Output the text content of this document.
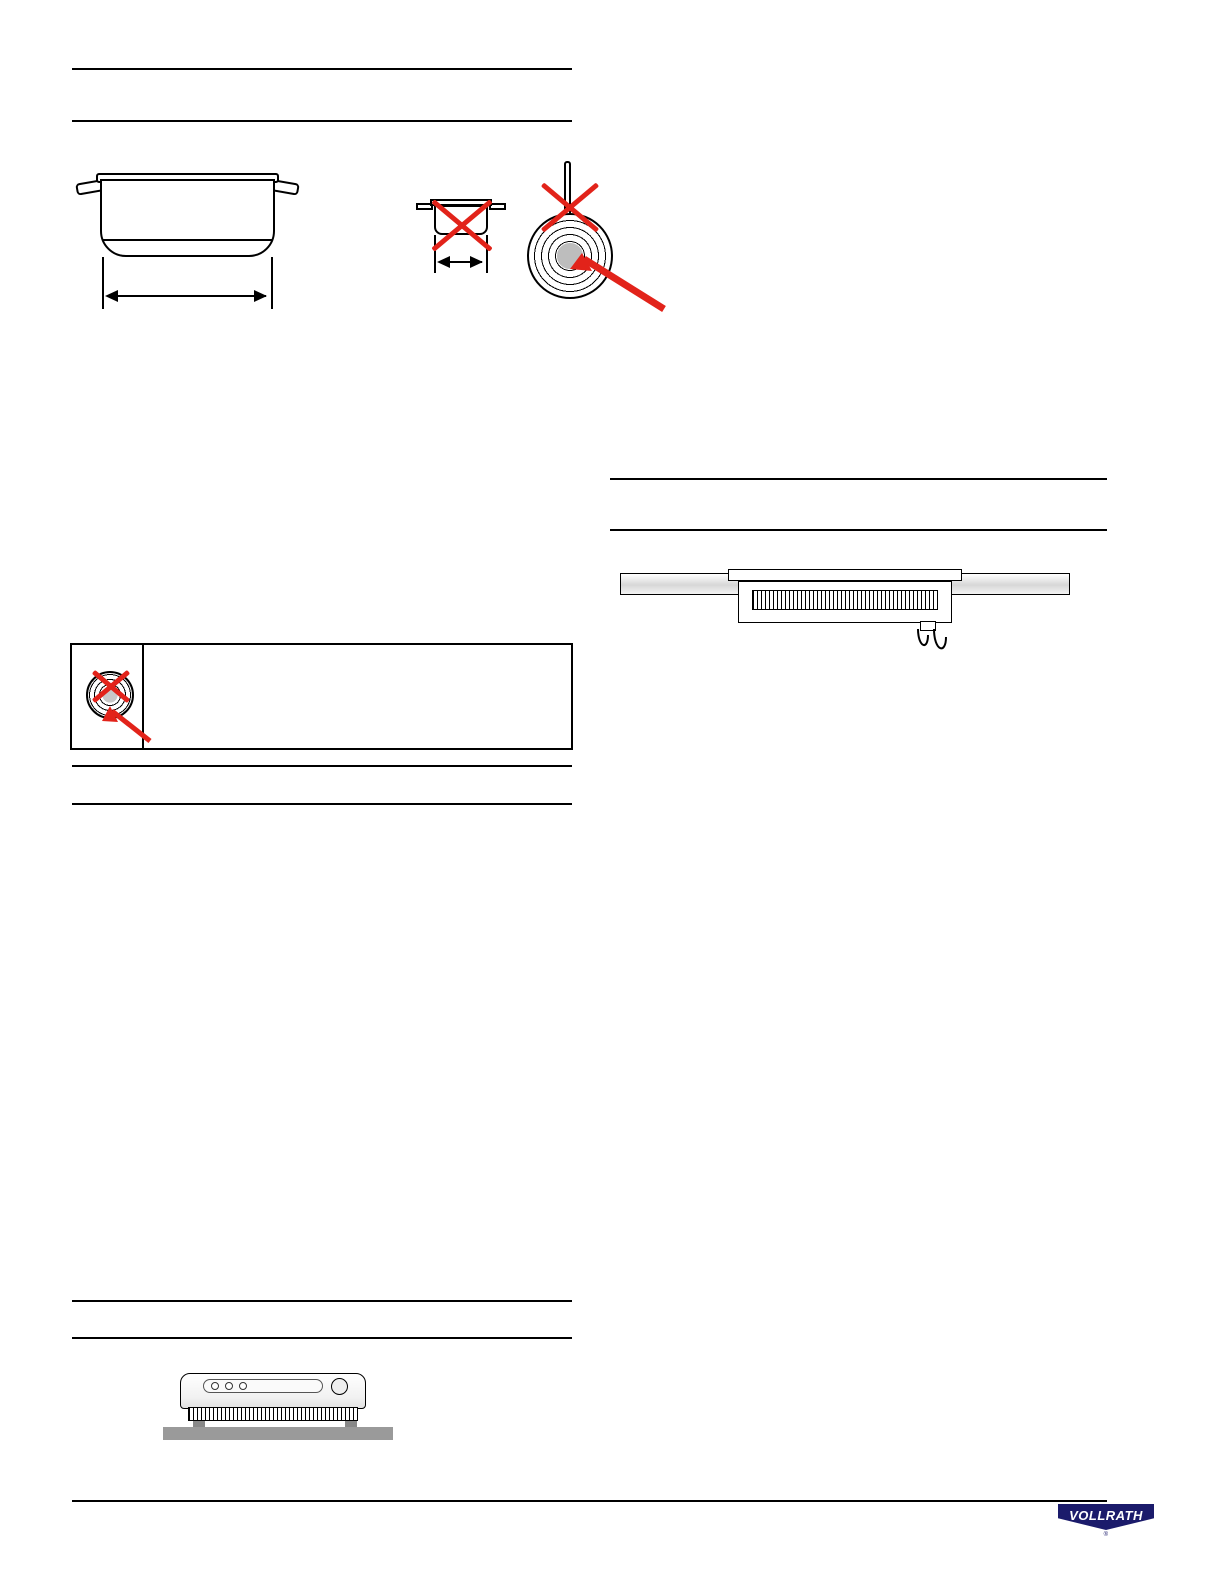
VOLLRATH
®
